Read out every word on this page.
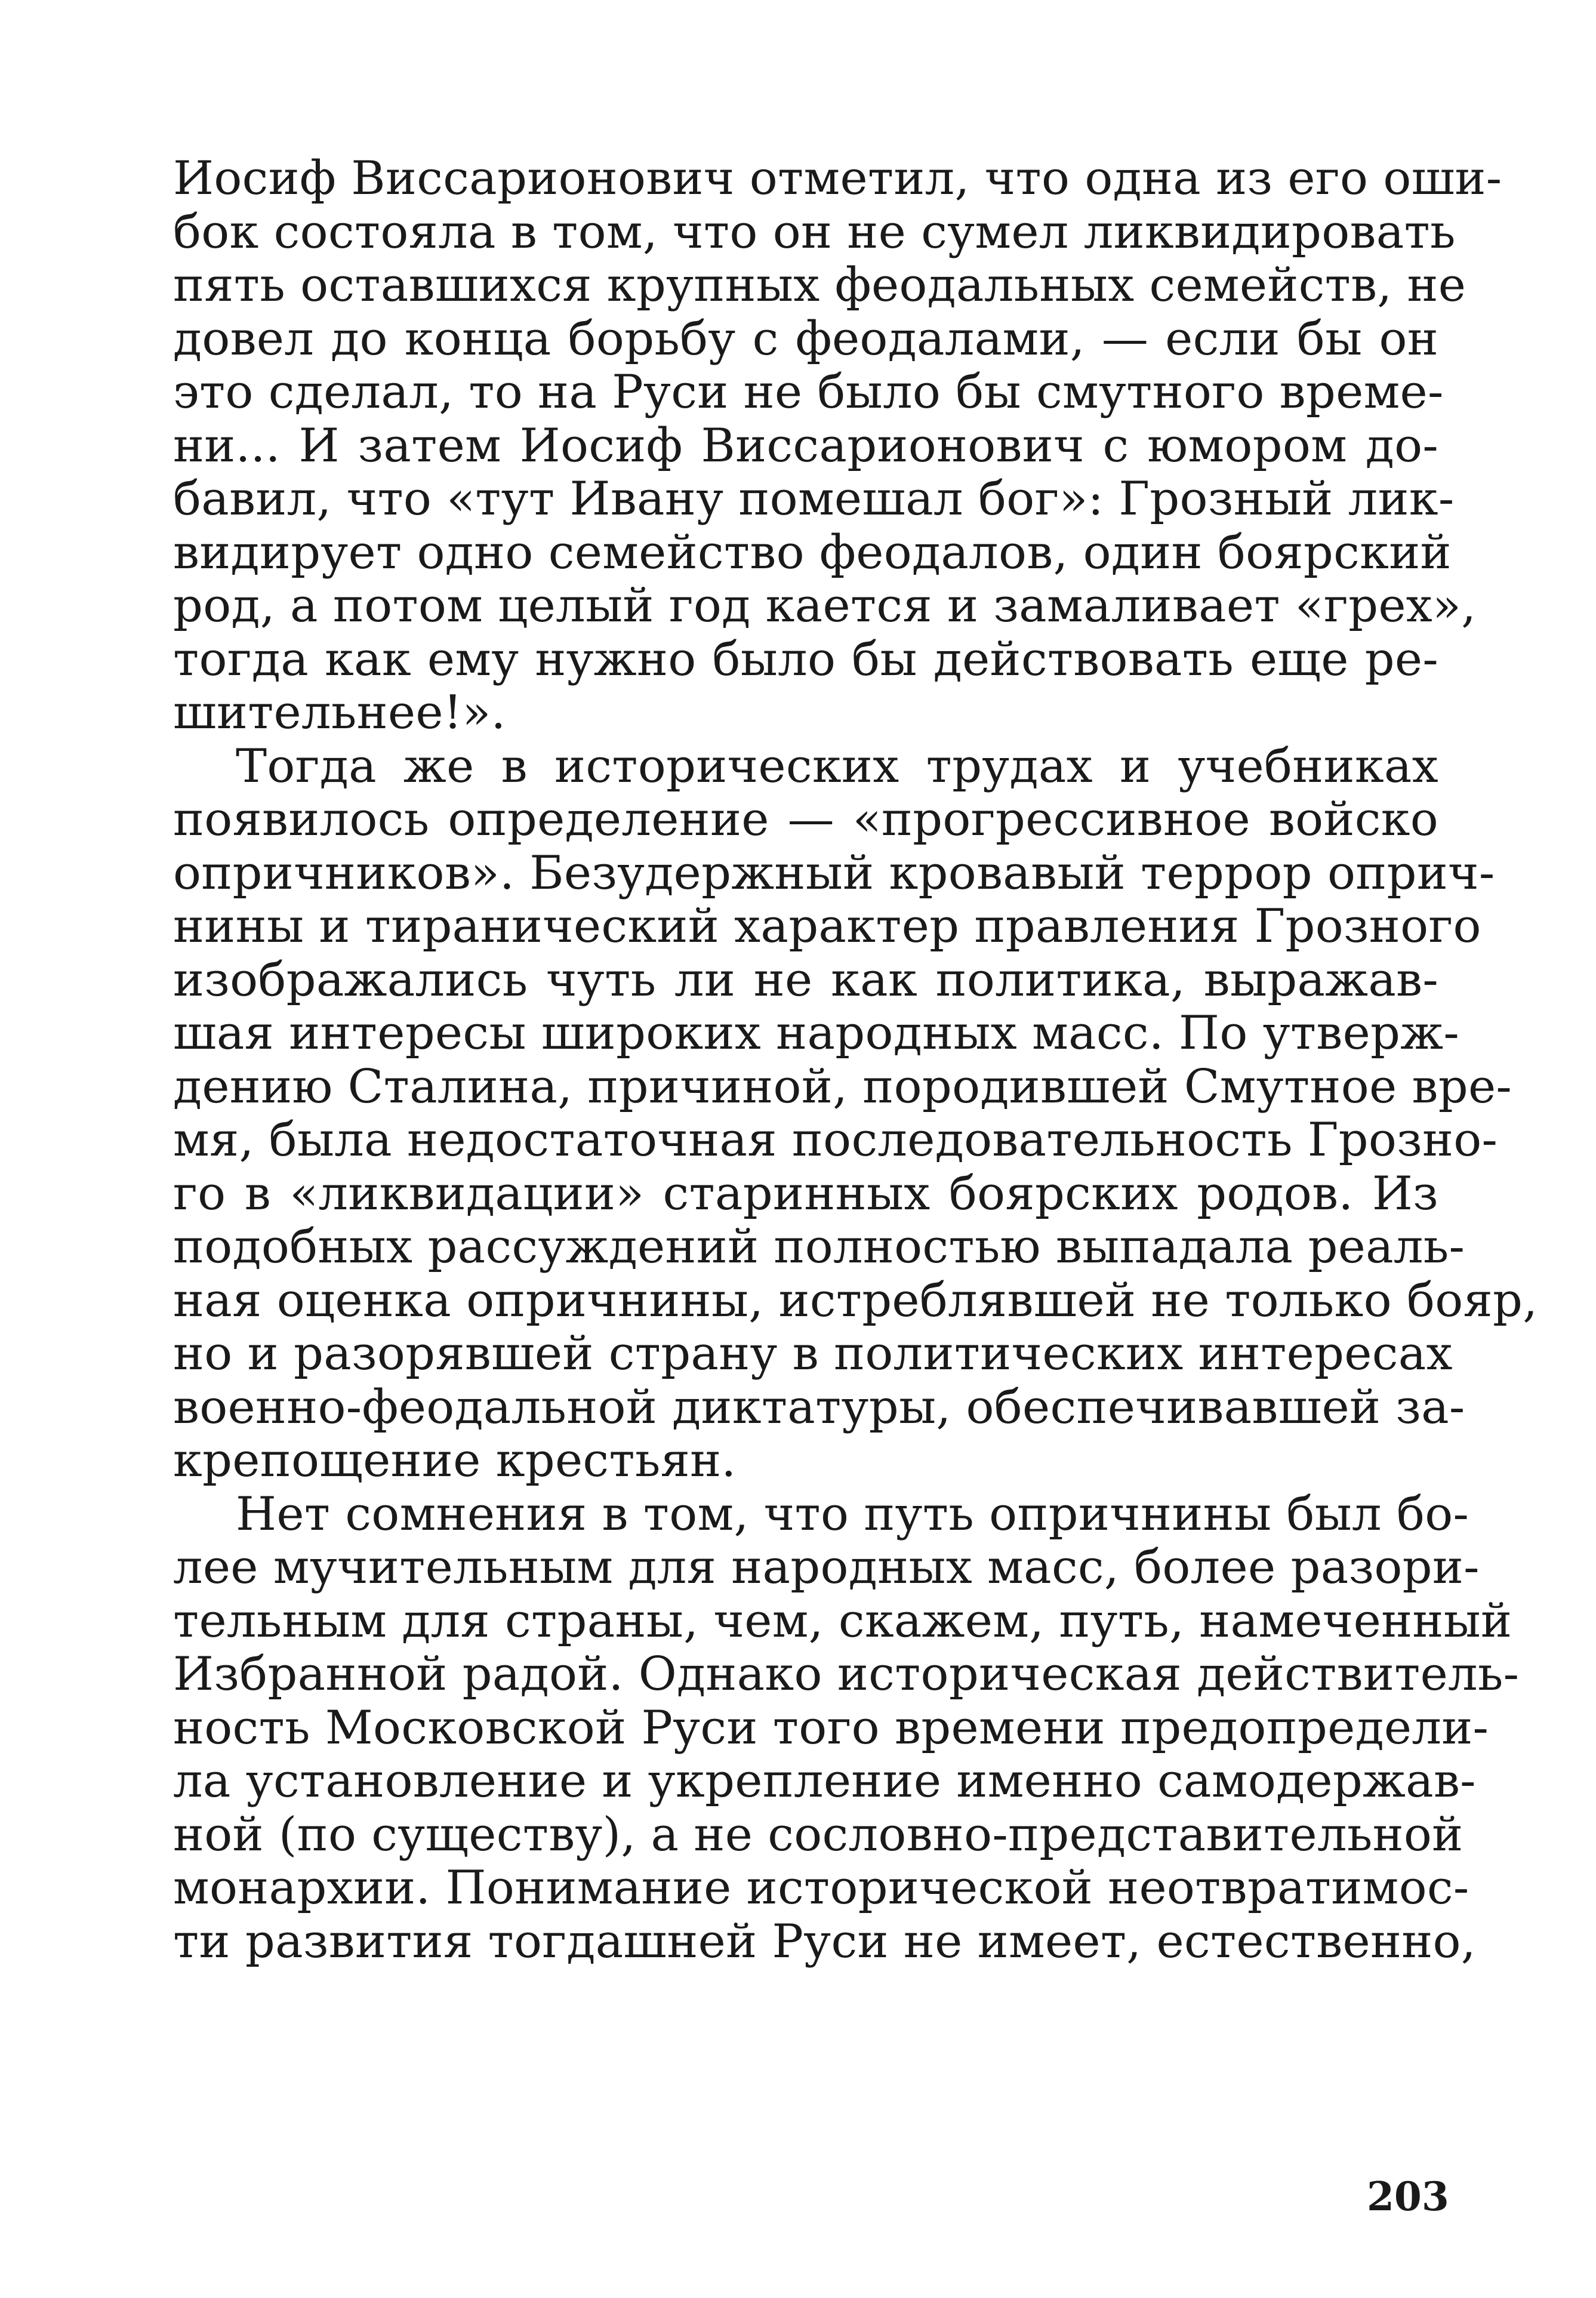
Иосиф Виссарионович отметил, что одна из его оши-
бок состояла в том, что он не сумел ликвидировать
пять оставшихся крупных феодальных семейств, не
довел до конца борьбу с феодалами, — если бы он
это сделал, то на Руси не было бы смутного време-
ни... И затем Иосиф Виссарионович с юмором до-
бавил, что «тут Ивану помешал бог»: Грозный лик-
видирует одно семейство феодалов, один боярский
род, а потом целый год кается и замаливает «грех»,
тогда как ему нужно было бы действовать еще ре-
шительнее!».
Тогда же в исторических трудах и учебниках
появилось определение — «прогрессивное войско
опричников». Безудержный кровавый террор оприч-
нины и тиранический характер правления Грозного
изображались чуть ли не как политика, выражав-
шая интересы широких народных масс. По утверж-
дению Сталина, причиной, породившей Смутное вре-
мя, была недостаточная последовательность Грозно-
го в «ликвидации» старинных боярских родов. Из
подобных рассуждений полностью выпадала реаль-
ная оценка опричнины, истреблявшей не только бояр,
но и разорявшей страну в политических интересах
военно-феодальной диктатуры, обеспечивавшей за-
крепощение крестьян.
Нет сомнения в том, что путь опричнины был бо-
лее мучительным для народных масс, более разори-
тельным для страны, чем, скажем, путь, намеченный
Избранной радой. Однако историческая действитель-
ность Московской Руси того времени предопредели-
ла установление и укрепление именно самодержав-
ной (по существу), а не сословно-представительной
монархии. Понимание исторической неотвратимос-
ти развития тогдашней Руси не имеет, естественно,
203
